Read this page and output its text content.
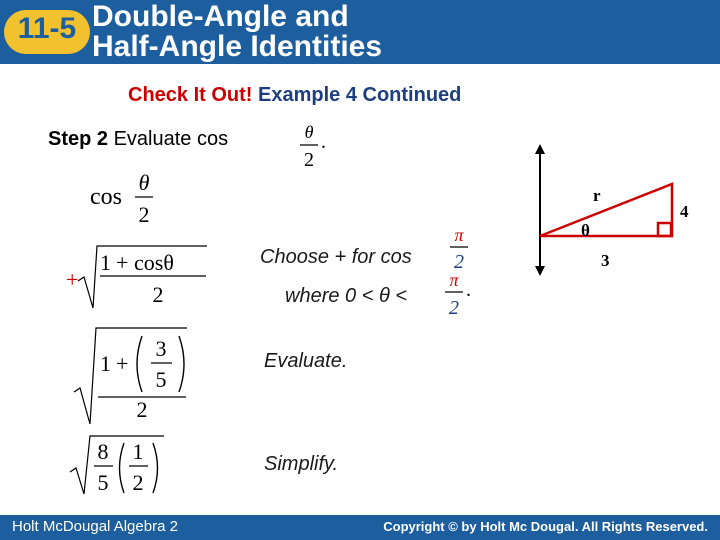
11-5 Double-Angle and
Half-Angle Identities
Check It Out! Example 4 Continued
Step 2 Evaluate cos	θ
2
.
cos
θ
2
+
1 + cosθ
2
1 +
3
5
2
8
5
1
2
Choose + for cos
π
2
where 0 < θ <
π
2
.
Evaluate.
Simplify.
r
4
θ
3
Holt McDougal Algebra 2	Copyright © by Holt Mc Dougal. All Rights Reserved.
